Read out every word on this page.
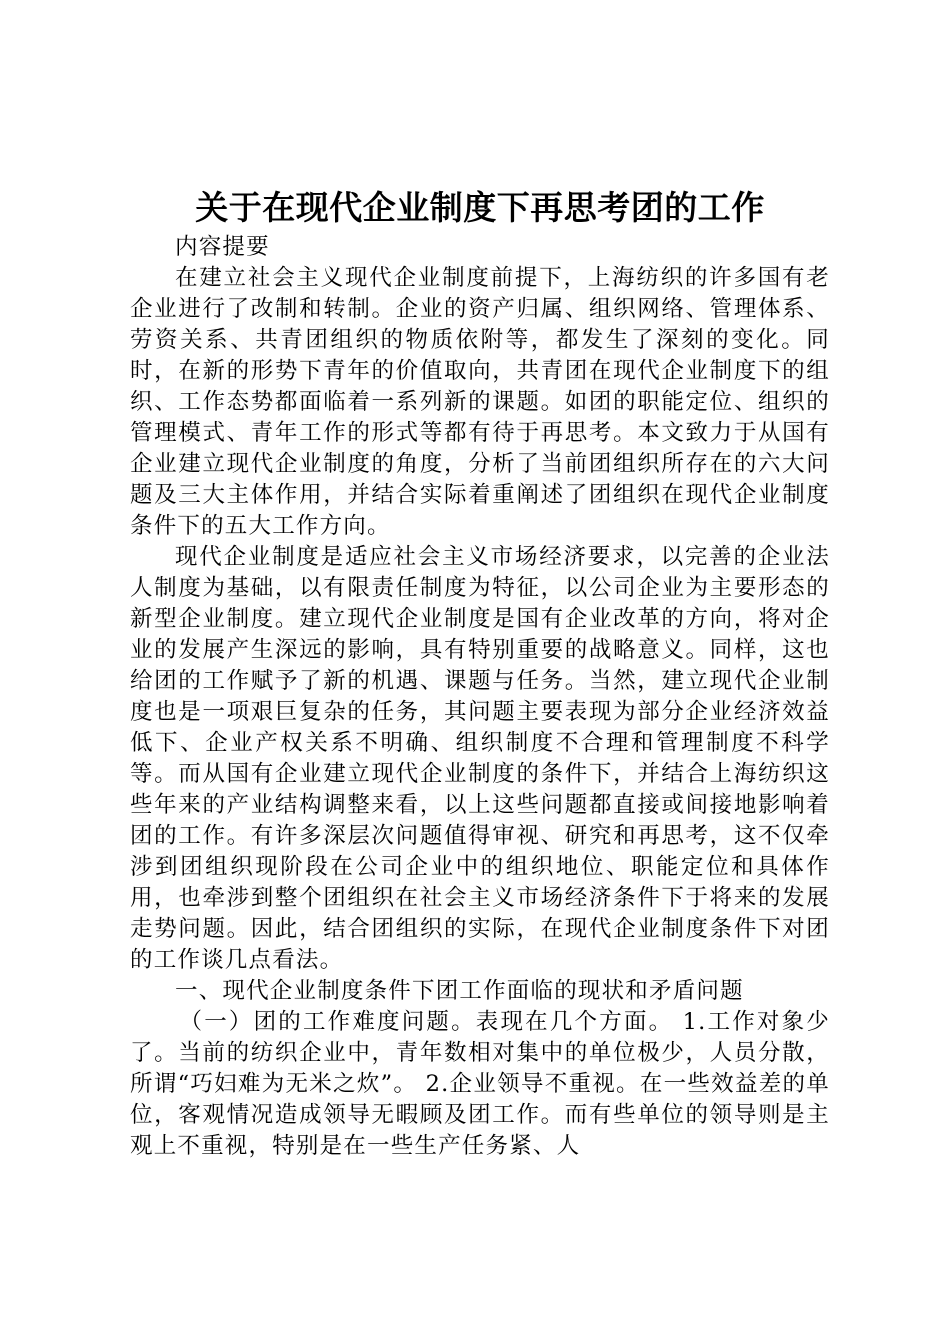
关于在现代企业制度下再思考团的工作

内容提要

在建立社会主义现代企业制度前提下，上海纺织的许多国有老企业进行了改制和转制。企业的资产归属、组织网络、管理体系、劳资关系、共青团组织的物质依附等，都发生了深刻的变化。同时，在新的形势下青年的价值取向，共青团在现代企业制度下的组织、工作态势都面临着一系列新的课题。如团的职能定位、组织的管理模式、青年工作的形式等都有待于再思考。本文致力于从国有企业建立现代企业制度的角度，分析了当前团组织所存在的六大问题及三大主体作用，并结合实际着重阐述了团组织在现代企业制度条件下的五大工作方向。

现代企业制度是适应社会主义市场经济要求，以完善的企业法人制度为基础，以有限责任制度为特征，以公司企业为主要形态的新型企业制度。建立现代企业制度是国有企业改革的方向，将对企业的发展产生深远的影响，具有特别重要的战略意义。同样，这也给团的工作赋予了新的机遇、课题与任务。当然，建立现代企业制度也是一项艰巨复杂的任务，其问题主要表现为部分企业经济效益低下、企业产权关系不明确、组织制度不合理和管理制度不科学等。而从国有企业建立现代企业制度的条件下，并结合上海纺织这些年来的产业结构调整来看，以上这些问题都直接或间接地影响着团的工作。有许多深层次问题值得审视、研究和再思考，这不仅牵涉到团组织现阶段在公司企业中的组织地位、职能定位和具体作用，也牵涉到整个团组织在社会主义市场经济条件下于将来的发展走势问题。因此，结合团组织的实际，在现代企业制度条件下对团的工作谈几点看法。

一、现代企业制度条件下团工作面临的现状和矛盾问题

（一）团的工作难度问题。表现在几个方面。 1.工作对象少了。当前的纺织企业中，青年数相对集中的单位极少，人员分散，所谓“巧妇难为无米之炊”。 2.企业领导不重视。在一些效益差的单位，客观情况造成领导无暇顾及团工作。而有些单位的领导则是主观上不重视，特别是在一些生产任务紧、人
